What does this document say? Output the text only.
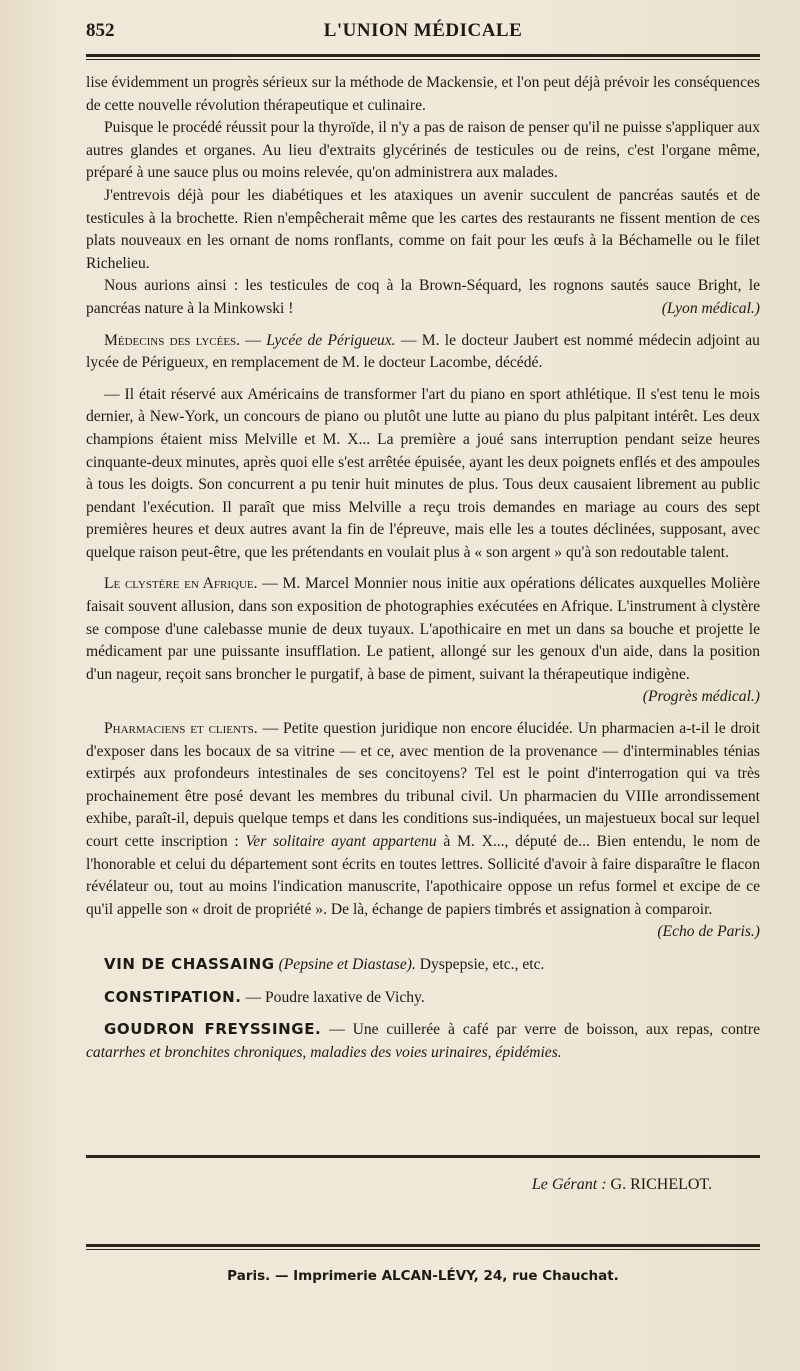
852	L'UNION MÉDICALE

lise évidemment un progrès sérieux sur la méthode de Mackensie, et l'on peut déjà prévoir les conséquences de cette nouvelle révolution thérapeutique et culinaire.

Puisque le procédé réussit pour la thyroïde, il n'y a pas de raison de penser qu'il ne puisse s'appliquer aux autres glandes et organes. Au lieu d'extraits glycérinés de testicules ou de reins, c'est l'organe même, préparé à une sauce plus ou moins relevée, qu'on administrera aux malades.

J'entrevois déjà pour les diabétiques et les ataxiques un avenir succulent de pancréas sautés et de testicules à la brochette. Rien n'empêcherait même que les cartes des restaurants ne fissent mention de ces plats nouveaux en les ornant de noms ronflants, comme on fait pour les œufs à la Béchamelle ou le filet Richelieu.

Nous aurions ainsi : les testicules de coq à la Brown-Séquard, les rognons sautés sauce Bright, le pancréas nature à la Minkowski !	(Lyon médical.)

Médecins des lycées. — Lycée de Périgueux. — M. le docteur Jaubert est nommé médecin adjoint au lycée de Périgueux, en remplacement de M. le docteur Lacombe, décédé.

— Il était réservé aux Américains de transformer l'art du piano en sport athlétique. Il s'est tenu le mois dernier, à New-York, un concours de piano ou plutôt une lutte au piano du plus palpitant intérêt. Les deux champions étaient miss Melville et M. X... La première a joué sans interruption pendant seize heures cinquante-deux minutes, après quoi elle s'est arrêtée épuisée, ayant les deux poignets enflés et des ampoules à tous les doigts. Son concurrent a pu tenir huit minutes de plus. Tous deux causaient librement au public pendant l'exécution. Il paraît que miss Melville a reçu trois demandes en mariage au cours des sept premières heures et deux autres avant la fin de l'épreuve, mais elle les a toutes déclinées, supposant, avec quelque raison peut-être, que les prétendants en voulait plus à « son argent » qu'à son redoutable talent.

Le clystère en Afrique. — M. Marcel Monnier nous initie aux opérations délicates auxquelles Molière faisait souvent allusion, dans son exposition de photographies exécutées en Afrique. L'instrument à clystère se compose d'une calebasse munie de deux tuyaux. L'apothicaire en met un dans sa bouche et projette le médicament par une puissante insufflation. Le patient, allongé sur les genoux d'un aide, dans la position d'un nageur, reçoit sans broncher le purgatif, à base de piment, suivant la thérapeutique indigène.

(Progrès médical.)

Pharmaciens et clients. — Petite question juridique non encore élucidée. Un pharmacien a-t-il le droit d'exposer dans les bocaux de sa vitrine — et ce, avec mention de la provenance — d'interminables ténias extirpés aux profondeurs intestinales de ses concitoyens? Tel est le point d'interrogation qui va très prochainement être posé devant les membres du tribunal civil. Un pharmacien du VIIIe arrondissement exhibe, paraît-il, depuis quelque temps et dans les conditions sus-indiquées, un majestueux bocal sur lequel court cette inscription : Ver solitaire ayant appartenu à M. X..., député de... Bien entendu, le nom de l'honorable et celui du département sont écrits en toutes lettres. Sollicité d'avoir à faire disparaître le flacon révélateur ou, tout au moins l'indication manuscrite, l'apothicaire oppose un refus formel et excipe de ce qu'il appelle son « droit de propriété ». De là, échange de papiers timbrés et assignation à comparoir.

(Echo de Paris.)

VIN DE CHASSAING (Pepsine et Diastase). Dyspepsie, etc., etc.

CONSTIPATION. — Poudre laxative de Vichy.

GOUDRON FREYSSINGE. — Une cuillerée à café par verre de boisson, aux repas, contre catarrhes et bronchites chroniques, maladies des voies urinaires, épidémies.

Le Gérant : G. RICHELOT.
Paris. — Imprimerie ALCAN-LÉVY, 24, rue Chauchat.
